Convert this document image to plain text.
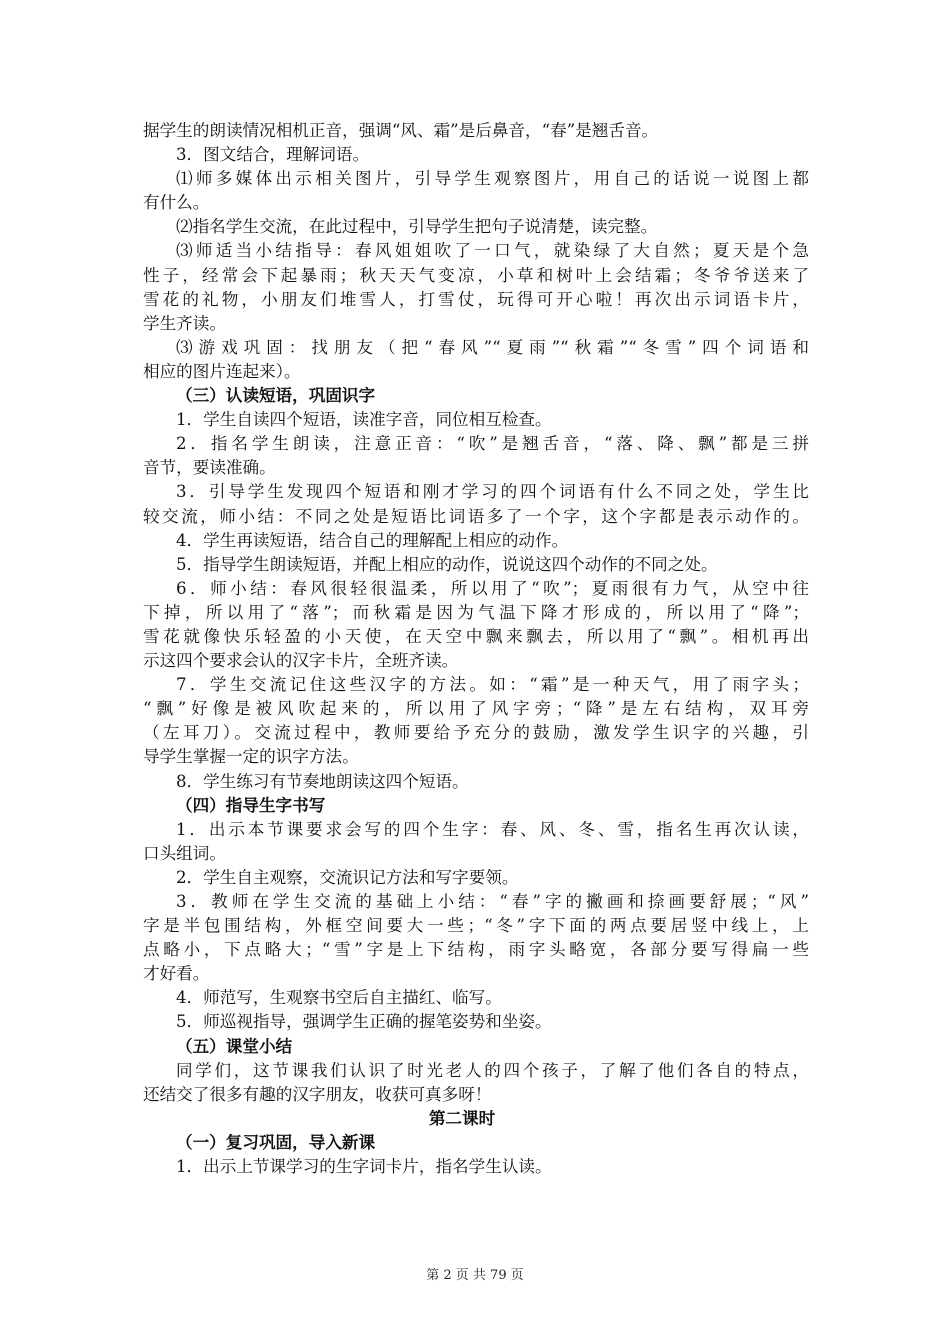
据学生的朗读情况相机正音，强调“风、霜”是后鼻音，“春”是翘舌音。
3．图文结合，理解词语。
⑴师多媒体出示相关图片，引导学生观察图片，用自己的话说一说图上都
有什么。
⑵指名学生交流，在此过程中，引导学生把句子说清楚，读完整。
⑶师适当小结指导：春风姐姐吹了一口气，就染绿了大自然；夏天是个急
性子，经常会下起暴雨；秋天天气变凉，小草和树叶上会结霜；冬爷爷送来了
雪花的礼物，小朋友们堆雪人，打雪仗，玩得可开心啦！再次出示词语卡片，
学生齐读。
⑶游戏巩固：找朋友（把“春风”“夏雨”“秋霜”“冬雪”四个词语和
相应的图片连起来）。
（三）认读短语，巩固识字
1．学生自读四个短语，读准字音，同位相互检查。
2．指名学生朗读，注意正音：“吹”是翘舌音，“落、降、飘”都是三拼
音节，要读准确。
3．引导学生发现四个短语和刚才学习的四个词语有什么不同之处，学生比
较交流，师小结：不同之处是短语比词语多了一个字，这个字都是表示动作的。
4．学生再读短语，结合自己的理解配上相应的动作。
5．指导学生朗读短语，并配上相应的动作，说说这四个动作的不同之处。
6．师小结：春风很轻很温柔，所以用了“吹”；夏雨很有力气，从空中往
下掉，所以用了“落”；而秋霜是因为气温下降才形成的，所以用了“降”；
雪花就像快乐轻盈的小天使，在天空中飘来飘去，所以用了“飘”。相机再出
示这四个要求会认的汉字卡片，全班齐读。
7．学生交流记住这些汉字的方法。如：“霜”是一种天气，用了雨字头；
“飘”好像是被风吹起来的，所以用了风字旁；“降”是左右结构，双耳旁
（左耳刀）。交流过程中，教师要给予充分的鼓励，激发学生识字的兴趣，引
导学生掌握一定的识字方法。
8．学生练习有节奏地朗读这四个短语。
（四）指导生字书写
1．出示本节课要求会写的四个生字：春、风、冬、雪，指名生再次认读，
口头组词。
2．学生自主观察，交流识记方法和写字要领。
3．教师在学生交流的基础上小结：“春”字的撇画和捺画要舒展；“风”
字是半包围结构，外框空间要大一些；“冬”字下面的两点要居竖中线上，上
点略小，下点略大；“雪”字是上下结构，雨字头略宽，各部分要写得扁一些
才好看。
4．师范写，生观察书空后自主描红、临写。
5．师巡视指导，强调学生正确的握笔姿势和坐姿。
（五）课堂小结
同学们，这节课我们认识了时光老人的四个孩子，了解了他们各自的特点，
还结交了很多有趣的汉字朋友，收获可真多呀！
第二课时
（一）复习巩固，导入新课
1．出示上节课学习的生字词卡片，指名学生认读。
第 2 页 共 79 页
